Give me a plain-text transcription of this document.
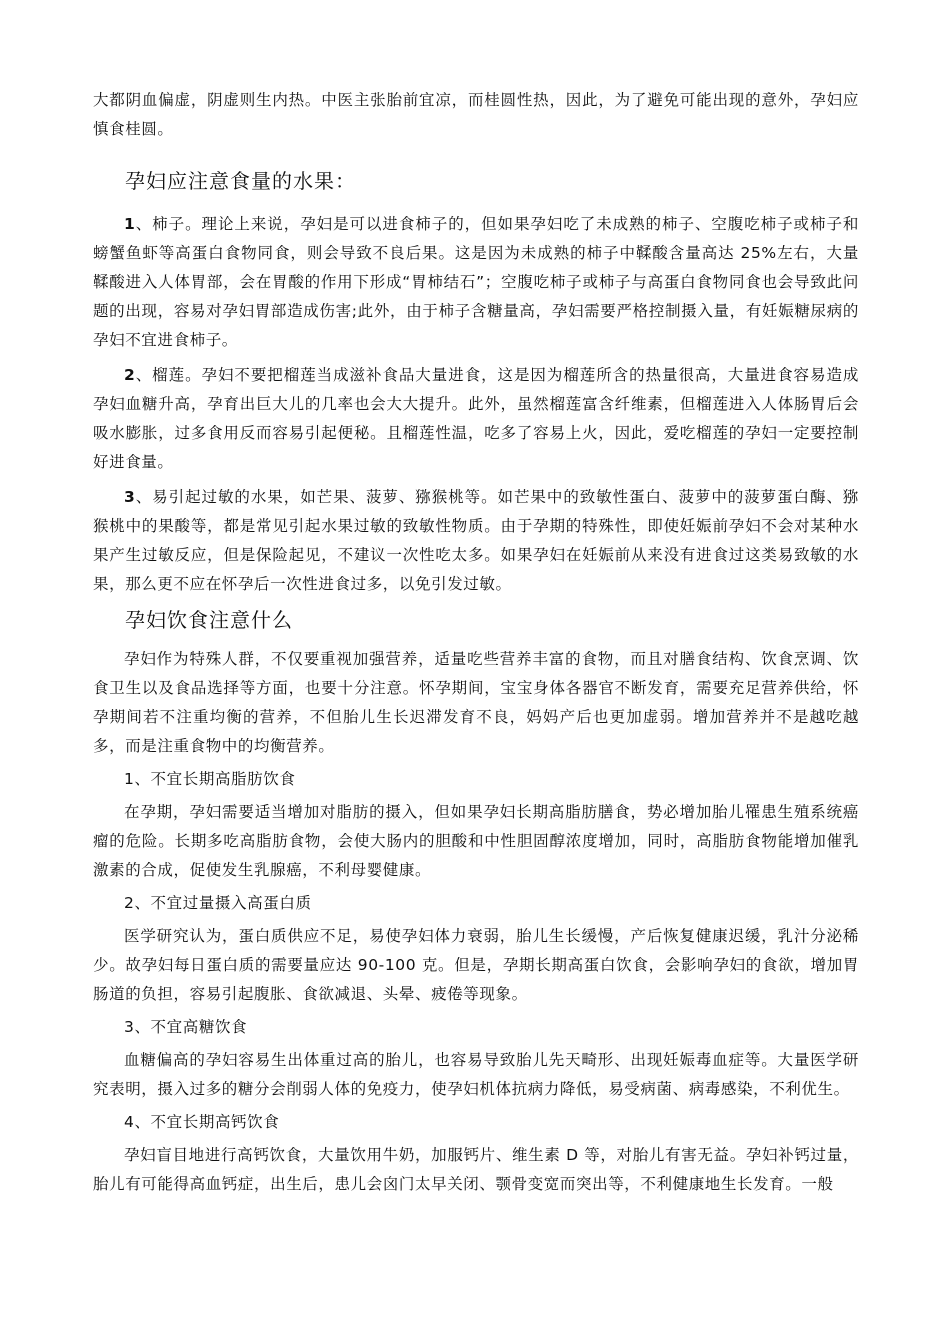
大都阴血偏虚，阴虚则生内热。中医主张胎前宜凉，而桂圆性热，因此，为了避免可能出现的意外，孕妇应慎食桂圆。

孕妇应注意食量的水果：

1、柿子。理论上来说，孕妇是可以进食柿子的，但如果孕妇吃了未成熟的柿子、空腹吃柿子或柿子和螃蟹鱼虾等高蛋白食物同食，则会导致不良后果。这是因为未成熟的柿子中鞣酸含量高达 25%左右，大量鞣酸进入人体胃部，会在胃酸的作用下形成“胃柿结石”；空腹吃柿子或柿子与高蛋白食物同食也会导致此问题的出现，容易对孕妇胃部造成伤害;此外，由于柿子含糖量高，孕妇需要严格控制摄入量，有妊娠糖尿病的孕妇不宜进食柿子。

2、榴莲。孕妇不要把榴莲当成滋补食品大量进食，这是因为榴莲所含的热量很高，大量进食容易造成孕妇血糖升高，孕育出巨大儿的几率也会大大提升。此外，虽然榴莲富含纤维素，但榴莲进入人体肠胃后会吸水膨胀，过多食用反而容易引起便秘。且榴莲性温，吃多了容易上火，因此，爱吃榴莲的孕妇一定要控制好进食量。

3、易引起过敏的水果，如芒果、菠萝、猕猴桃等。如芒果中的致敏性蛋白、菠萝中的菠萝蛋白酶、猕猴桃中的果酸等，都是常见引起水果过敏的致敏性物质。由于孕期的特殊性，即使妊娠前孕妇不会对某种水果产生过敏反应，但是保险起见，不建议一次性吃太多。如果孕妇在妊娠前从来没有进食过这类易致敏的水果，那么更不应在怀孕后一次性进食过多，以免引发过敏。

孕妇饮食注意什么

孕妇作为特殊人群，不仅要重视加强营养，适量吃些营养丰富的食物，而且对膳食结构、饮食烹调、饮食卫生以及食品选择等方面，也要十分注意。怀孕期间，宝宝身体各器官不断发育，需要充足营养供给，怀孕期间若不注重均衡的营养，不但胎儿生长迟滞发育不良，妈妈产后也更加虚弱。增加营养并不是越吃越多，而是注重食物中的均衡营养。

1、不宜长期高脂肪饮食

在孕期，孕妇需要适当增加对脂肪的摄入，但如果孕妇长期高脂肪膳食，势必增加胎儿罹患生殖系统癌瘤的危险。长期多吃高脂肪食物，会使大肠内的胆酸和中性胆固醇浓度增加，同时，高脂肪食物能增加催乳激素的合成，促使发生乳腺癌，不利母婴健康。

2、不宜过量摄入高蛋白质

医学研究认为，蛋白质供应不足，易使孕妇体力衰弱，胎儿生长缓慢，产后恢复健康迟缓，乳汁分泌稀少。故孕妇每日蛋白质的需要量应达 90-100 克。但是，孕期长期高蛋白饮食，会影响孕妇的食欲，增加胃肠道的负担，容易引起腹胀、食欲减退、头晕、疲倦等现象。

3、不宜高糖饮食

血糖偏高的孕妇容易生出体重过高的胎儿，也容易导致胎儿先天畸形、出现妊娠毒血症等。大量医学研究表明，摄入过多的糖分会削弱人体的免疫力，使孕妇机体抗病力降低，易受病菌、病毒感染，不利优生。

4、不宜长期高钙饮食

孕妇盲目地进行高钙饮食，大量饮用牛奶，加服钙片、维生素 D 等，对胎儿有害无益。孕妇补钙过量，胎儿有可能得高血钙症，出生后，患儿会囟门太早关闭、颚骨变宽而突出等，不利健康地生长发育。一般
